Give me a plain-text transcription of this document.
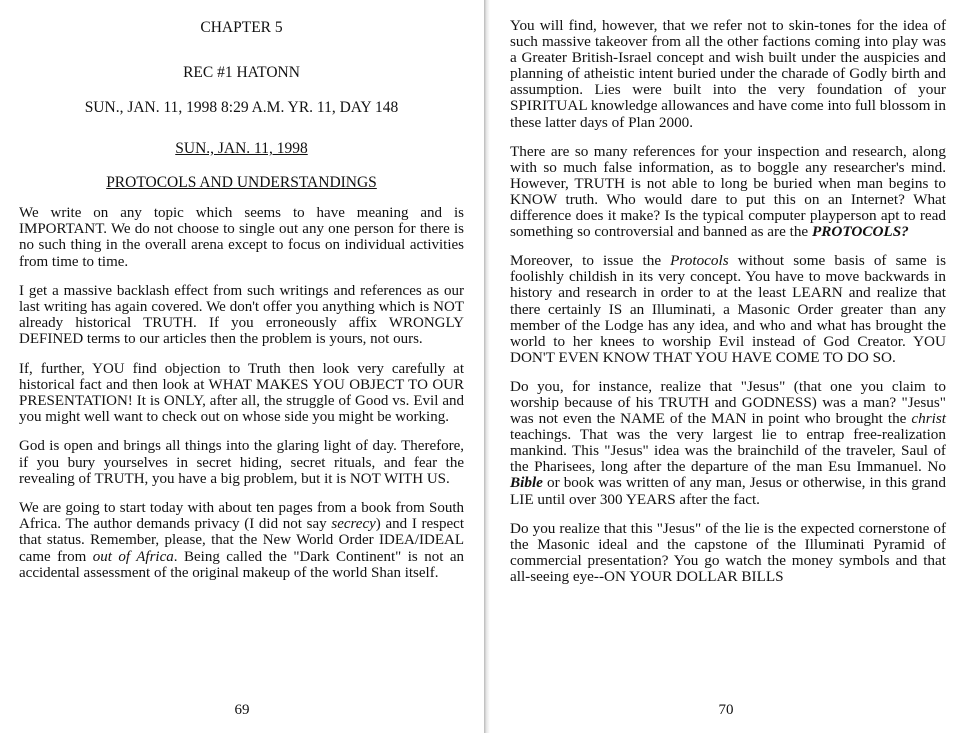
CHAPTER 5
REC #1 HATONN
SUN., JAN. 11, 1998 8:29 A.M. YR. 11, DAY 148
SUN., JAN. 11, 1998
PROTOCOLS AND UNDERSTANDINGS

We write on any topic which seems to have meaning and is IMPORTANT. We do not choose to single out any one person for there is no such thing in the overall arena except to focus on individual activities from time to time.

I get a massive backlash effect from such writings and references as our last writing has again covered. We don't offer you anything which is NOT already historical TRUTH. If you erroneously affix WRONGLY DEFINED terms to our articles then the problem is yours, not ours.

If, further, YOU find objection to Truth then look very carefully at historical fact and then look at WHAT MAKES YOU OBJECT TO OUR PRESENTATION! It is ONLY, after all, the struggle of Good vs. Evil and you might well want to check out on whose side you might be working.

God is open and brings all things into the glaring light of day. Therefore, if you bury yourselves in secret hiding, secret rituals, and fear the revealing of TRUTH, you have a big problem, but it is NOT WITH US.

We are going to start today with about ten pages from a book from South Africa. The author demands privacy (I did not say secrecy) and I respect that status. Remember, please, that the New World Order IDEA/IDEAL came from out of Africa. Being called the "Dark Continent" is not an accidental assessment of the original makeup of the world Shan itself.

69

You will find, however, that we refer not to skin-tones for the idea of such massive takeover from all the other factions coming into play was a Greater British-Israel concept and wish built under the auspicies and planning of atheistic intent buried under the charade of Godly birth and assumption. Lies were built into the very foundation of your SPIRITUAL knowledge allowances and have come into full blossom in these latter days of Plan 2000.

There are so many references for your inspection and research, along with so much false information, as to boggle any researcher's mind. However, TRUTH is not able to long be buried when man begins to KNOW truth. Who would dare to put this on an Internet? What difference does it make? Is the typical computer playperson apt to read something so controversial and banned as are the PROTOCOLS?

Moreover, to issue the Protocols without some basis of same is foolishly childish in its very concept. You have to move backwards in history and research in order to at the least LEARN and realize that there certainly IS an Illuminati, a Masonic Order greater than any member of the Lodge has any idea, and who and what has brought the world to her knees to worship Evil instead of God Creator. YOU DON'T EVEN KNOW THAT YOU HAVE COME TO DO SO.

Do you, for instance, realize that "Jesus" (that one you claim to worship because of his TRUTH and GODNESS) was a man? "Jesus" was not even the NAME of the MAN in point who brought the christ teachings. That was the very largest lie to entrap free-realization mankind. This "Jesus" idea was the brainchild of the traveler, Saul of the Pharisees, long after the departure of the man Esu Immanuel. No Bible or book was written of any man, Jesus or otherwise, in this grand LIE until over 300 YEARS after the fact.

Do you realize that this "Jesus" of the lie is the expected cornerstone of the Masonic ideal and the capstone of the Illuminati Pyramid of commercial presentation? You go watch the money symbols and that all-seeing eye--ON YOUR DOLLAR BILLS

70
